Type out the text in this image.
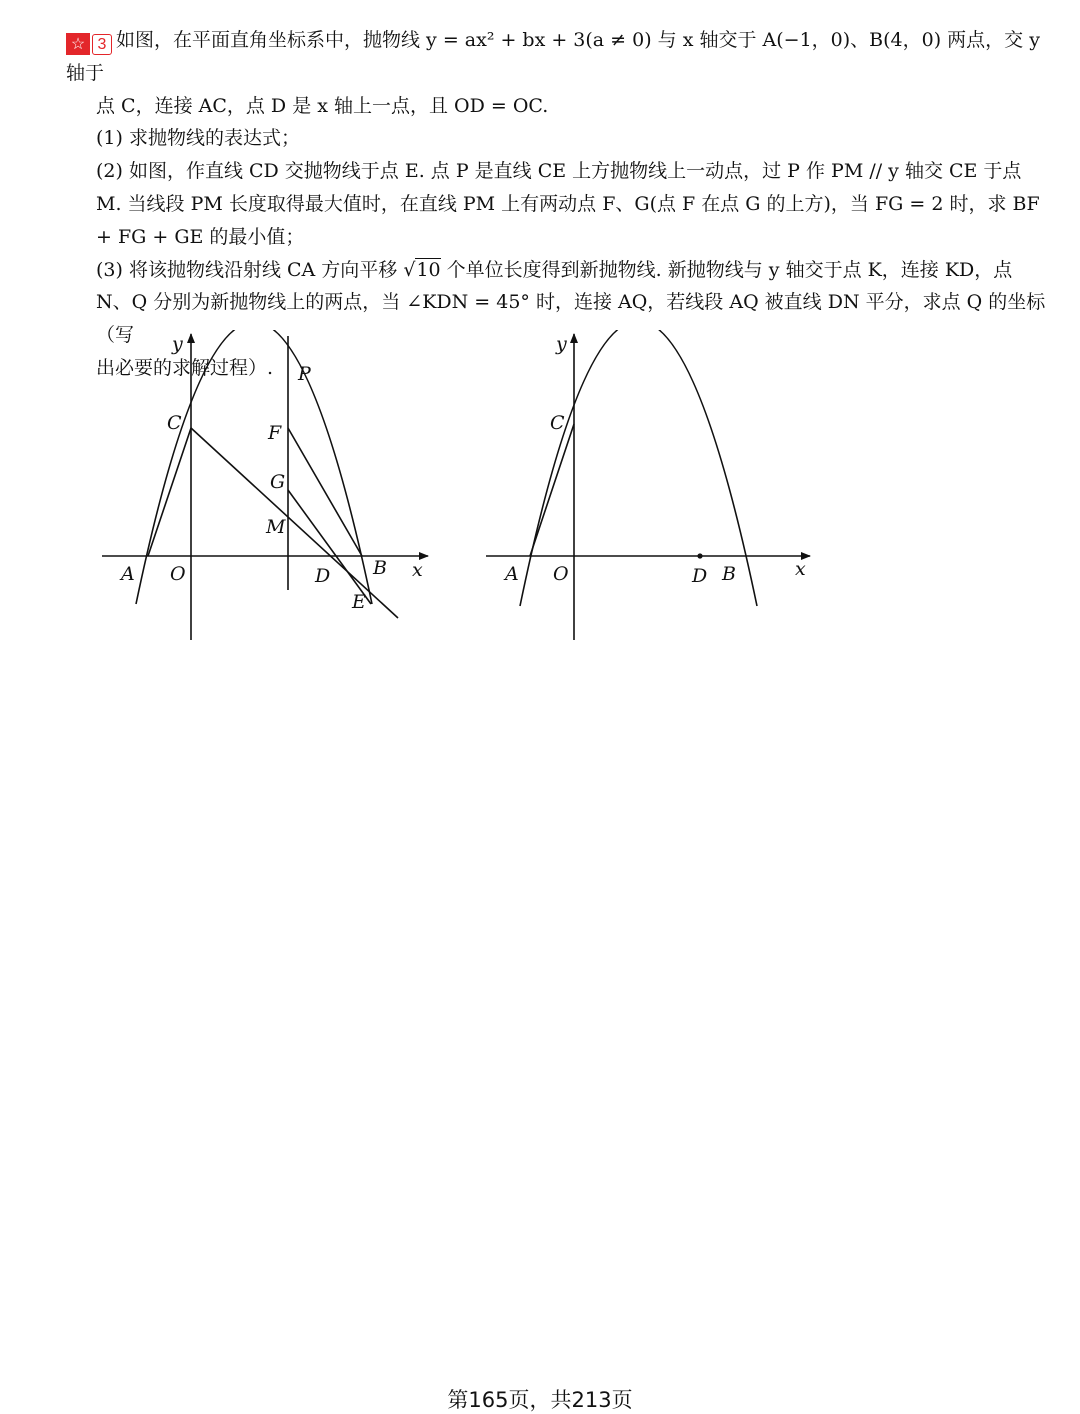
☆ 3 如图，在平面直角坐标系中，抛物线 y = ax² + bx + 3(a ≠ 0) 与 x 轴交于 A(−1，0)、B(4，0) 两点，交 y 轴于

点 C，连接 AC，点 D 是 x 轴上一点，且 OD = OC.

(1) 求抛物线的表达式；

(2) 如图，作直线 CD 交抛物线于点 E. 点 P 是直线 CE 上方抛物线上一动点，过 P 作 PM // y 轴交 CE 于点

M. 当线段 PM 长度取得最大值时，在直线 PM 上有两动点 F、G(点 F 在点 G 的上方)，当 FG = 2 时，求 BF

+ FG + GE 的最小值；

(3) 将该抛物线沿射线 CA 方向平移 √10 个单位长度得到新抛物线. 新抛物线与 y 轴交于点 K，连接 KD，点

N、Q 分别为新抛物线上的两点，当 ∠KDN = 45° 时，连接 AQ，若线段 AQ 被直线 DN 平分，求点 Q 的坐标（写

出必要的求解过程）.

y
x
O
A	B
C
D
E
P
F
G
M
y
x
O
A	B
C
D
第165页，共213页
